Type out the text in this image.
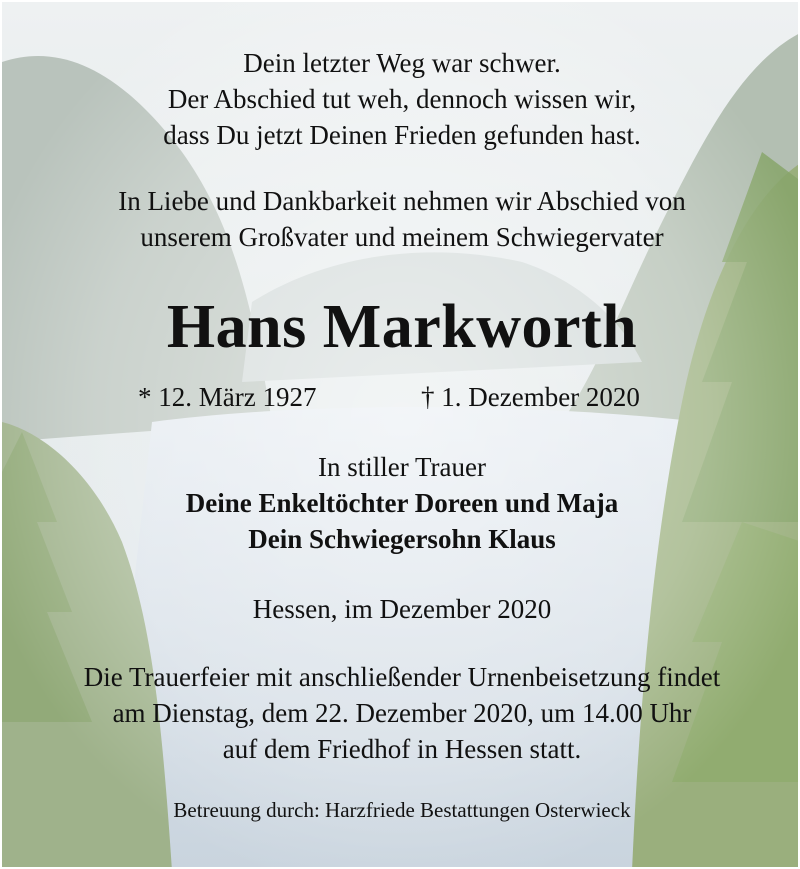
Dein letzter Weg war schwer.
Der Abschied tut weh, dennoch wissen wir,
dass Du jetzt Deinen Frieden gefunden hast.
In Liebe und Dankbarkeit nehmen wir Abschied von
unserem Großvater und meinem Schwiegervater
Hans Markworth
* 12. März 1927	† 1. Dezember 2020
In stiller Trauer
Deine Enkeltöchter Doreen und Maja
Dein Schwiegersohn Klaus
Hessen, im Dezember 2020
Die Trauerfeier mit anschließender Urnenbeisetzung findet
am Dienstag, dem 22. Dezember 2020, um 14.00 Uhr
auf dem Friedhof in Hessen statt.
Betreuung durch: Harzfriede Bestattungen Osterwieck
